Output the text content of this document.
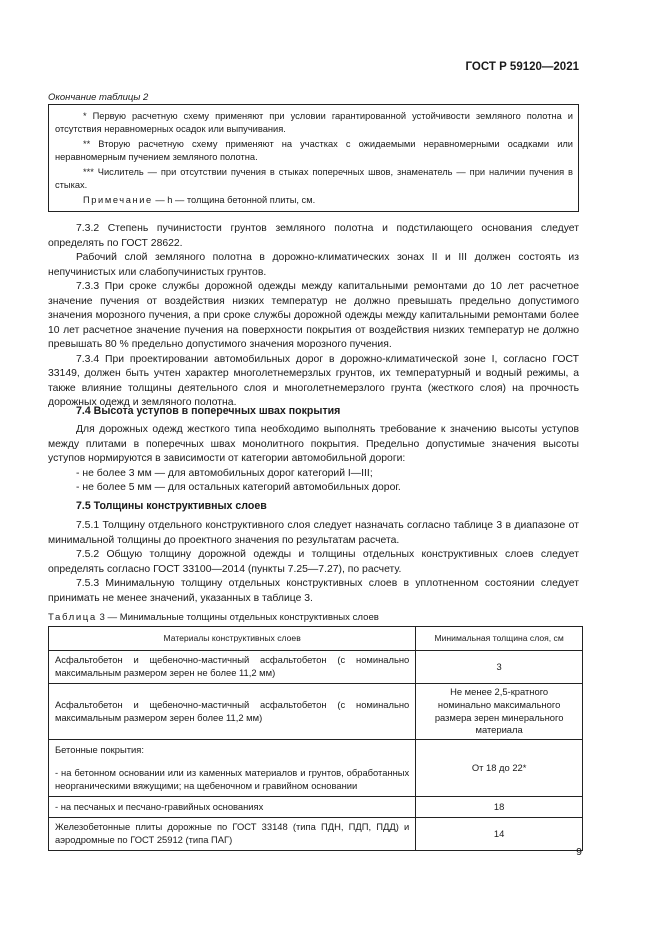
ГОСТ Р 59120—2021
Окончание таблицы 2
* Первую расчетную схему применяют при условии гарантированной устойчивости земляного полотна и отсутствия неравномерных осадок или выпучивания.
** Вторую расчетную схему применяют на участках с ожидаемыми неравномерными осадками или неравномерным пучением земляного полотна.
*** Числитель — при отсутствии пучения в стыках поперечных швов, знаменатель — при наличии пучения в стыках.
Примечание — h — толщина бетонной плиты, см.

7.3.2 Степень пучинистости грунтов земляного полотна и подстилающего основания следует определять по ГОСТ 28622.

Рабочий слой земляного полотна в дорожно-климатических зонах II и III должен состоять из непучинистых или слабопучинистых грунтов.

7.3.3 При сроке службы дорожной одежды между капитальными ремонтами до 10 лет расчетное значение пучения от воздействия низких температур не должно превышать предельно допустимого значения морозного пучения, а при сроке службы дорожной одежды между капитальными ремонтами более 10 лет расчетное значение пучения на поверхности покрытия от воздействия низких температур не должно превышать 80 % предельно допустимого значения морозного пучения.

7.3.4 При проектировании автомобильных дорог в дорожно-климатической зоне I, согласно ГОСТ 33149, должен быть учтен характер многолетнемерзлых грунтов, их температурный и водный режимы, а также влияние толщины деятельного слоя и многолетнемерзлого грунта (жесткого слоя) на прочность дорожных одежд и земляного полотна.

7.4 Высота уступов в поперечных швах покрытия

Для дорожных одежд жесткого типа необходимо выполнять требование к значению высоты уступов между плитами в поперечных швах монолитного покрытия. Предельно допустимые значения высоты уступов нормируются в зависимости от категории автомобильной дороги:

- не более 3 мм — для автомобильных дорог категорий I—III;

- не более 5 мм — для остальных категорий автомобильных дорог.

7.5 Толщины конструктивных слоев

7.5.1 Толщину отдельного конструктивного слоя следует назначать согласно таблице 3 в диапазоне от минимальной толщины до проектного значения по результатам расчета.

7.5.2 Общую толщину дорожной одежды и толщины отдельных конструктивных слоев следует определять согласно ГОСТ 33100—2014 (пункты 7.25—7.27), по расчету.

7.5.3 Минимальную толщину отдельных конструктивных слоев в уплотненном состоянии следует принимать не менее значений, указанных в таблице 3.

Таблица 3 — Минимальные толщины отдельных конструктивных слоев
Материалы конструктивных слоев	Минимальная толщина слоя, см
Асфальтобетон и щебеночно-мастичный асфальтобетон (с номинально максимальным размером зерен не более 11,2 мм)	3
Асфальтобетон и щебеночно-мастичный асфальтобетон (с номинально максимальным размером зерен более 11,2 мм)	Не менее 2,5-кратного номинально максимального размера зерен минерального материала
Бетонные покрытия:	От 18 до 22*
- на бетонном основании или из каменных материалов и грунтов, обработанных неорганическими вяжущими; на щебеночном и гравийном основании	
- на песчаных и песчано-гравийных основаниях	18
Железобетонные плиты дорожные по ГОСТ 33148 (типа ПДН, ПДП, ПДД) и аэродромные по ГОСТ 25912 (типа ПАГ)	14
9
